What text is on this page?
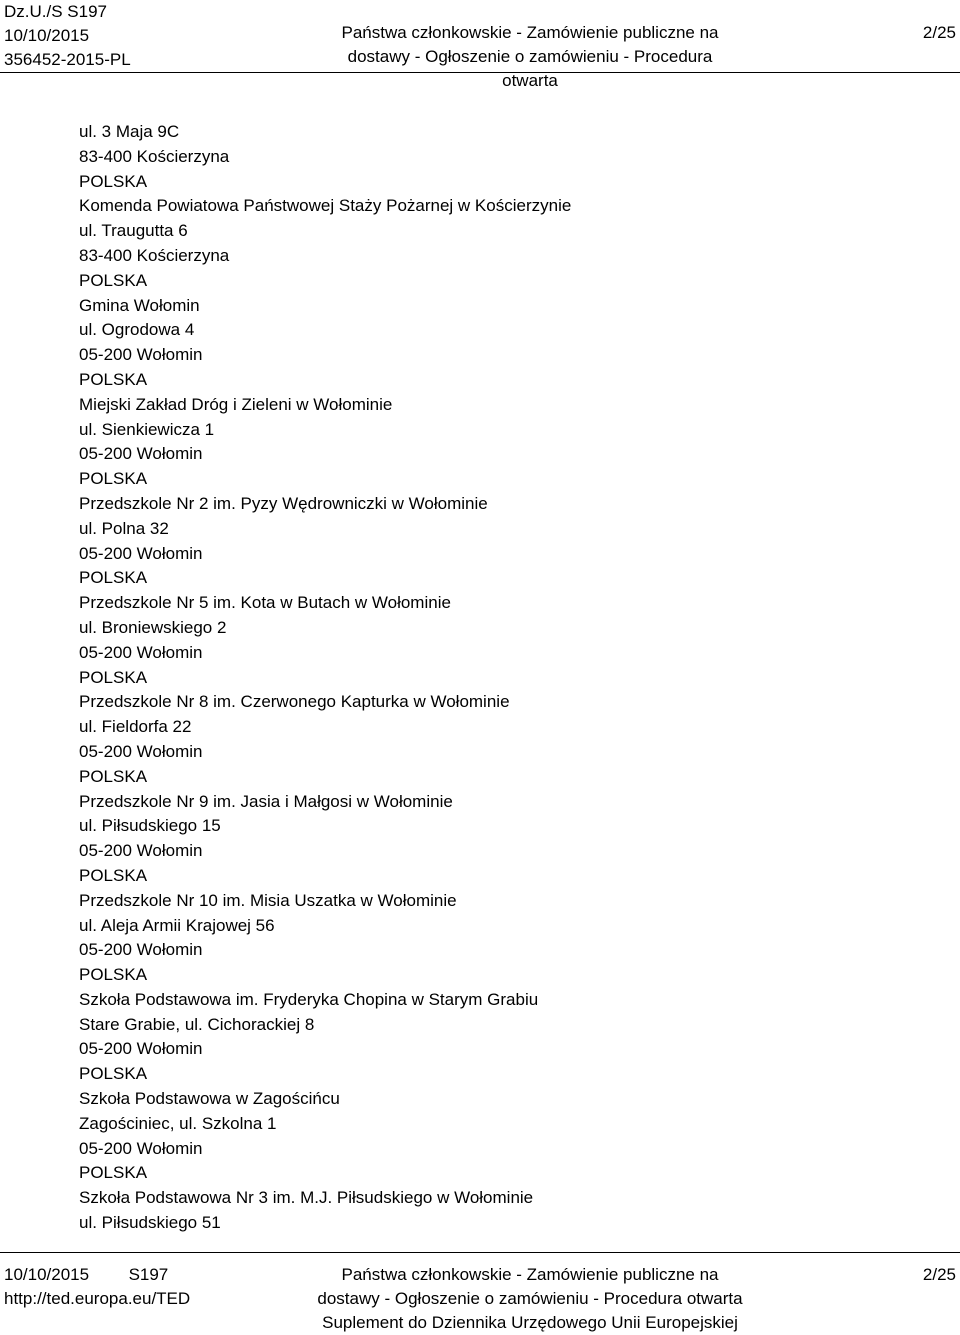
Dz.U./S S197
10/10/2015
356452-2015-PL
Państwa członkowskie - Zamówienie publiczne na
dostawy - Ogłoszenie o zamówieniu - Procedura otwarta
2/25
ul. 3 Maja 9C
83-400 Kościerzyna
POLSKA
Komenda Powiatowa Państwowej Staży Pożarnej w Kościerzynie
ul. Traugutta 6
83-400 Kościerzyna
POLSKA
Gmina Wołomin
ul. Ogrodowa 4
05-200 Wołomin
POLSKA
Miejski Zakład Dróg i Zieleni w Wołominie
ul. Sienkiewicza 1
05-200 Wołomin
POLSKA
Przedszkole Nr 2 im. Pyzy Wędrowniczki w Wołominie
ul. Polna 32
05-200 Wołomin
POLSKA
Przedszkole Nr 5 im. Kota w Butach w Wołominie
ul. Broniewskiego 2
05-200 Wołomin
POLSKA
Przedszkole Nr 8 im. Czerwonego Kapturka w Wołominie
ul. Fieldorfa 22
05-200 Wołomin
POLSKA
Przedszkole Nr 9 im. Jasia i Małgosi w Wołominie
ul. Piłsudskiego 15
05-200 Wołomin
POLSKA
Przedszkole Nr 10 im. Misia Uszatka w Wołominie
ul. Aleja Armii Krajowej 56
05-200 Wołomin
POLSKA
Szkoła Podstawowa im. Fryderyka Chopina w Starym Grabiu
Stare Grabie, ul. Cichorackiej 8
05-200 Wołomin
POLSKA
Szkoła Podstawowa w Zagościńcu
Zagościniec, ul. Szkolna 1
05-200 Wołomin
POLSKA
Szkoła Podstawowa Nr 3 im. M.J. Piłsudskiego w Wołominie
ul. Piłsudskiego 51
10/10/2015 S197
http://ted.europa.eu/TED
Państwa członkowskie - Zamówienie publiczne na
dostawy - Ogłoszenie o zamówieniu - Procedura otwarta
Suplement do Dziennika Urzędowego Unii Europejskiej
2/25
